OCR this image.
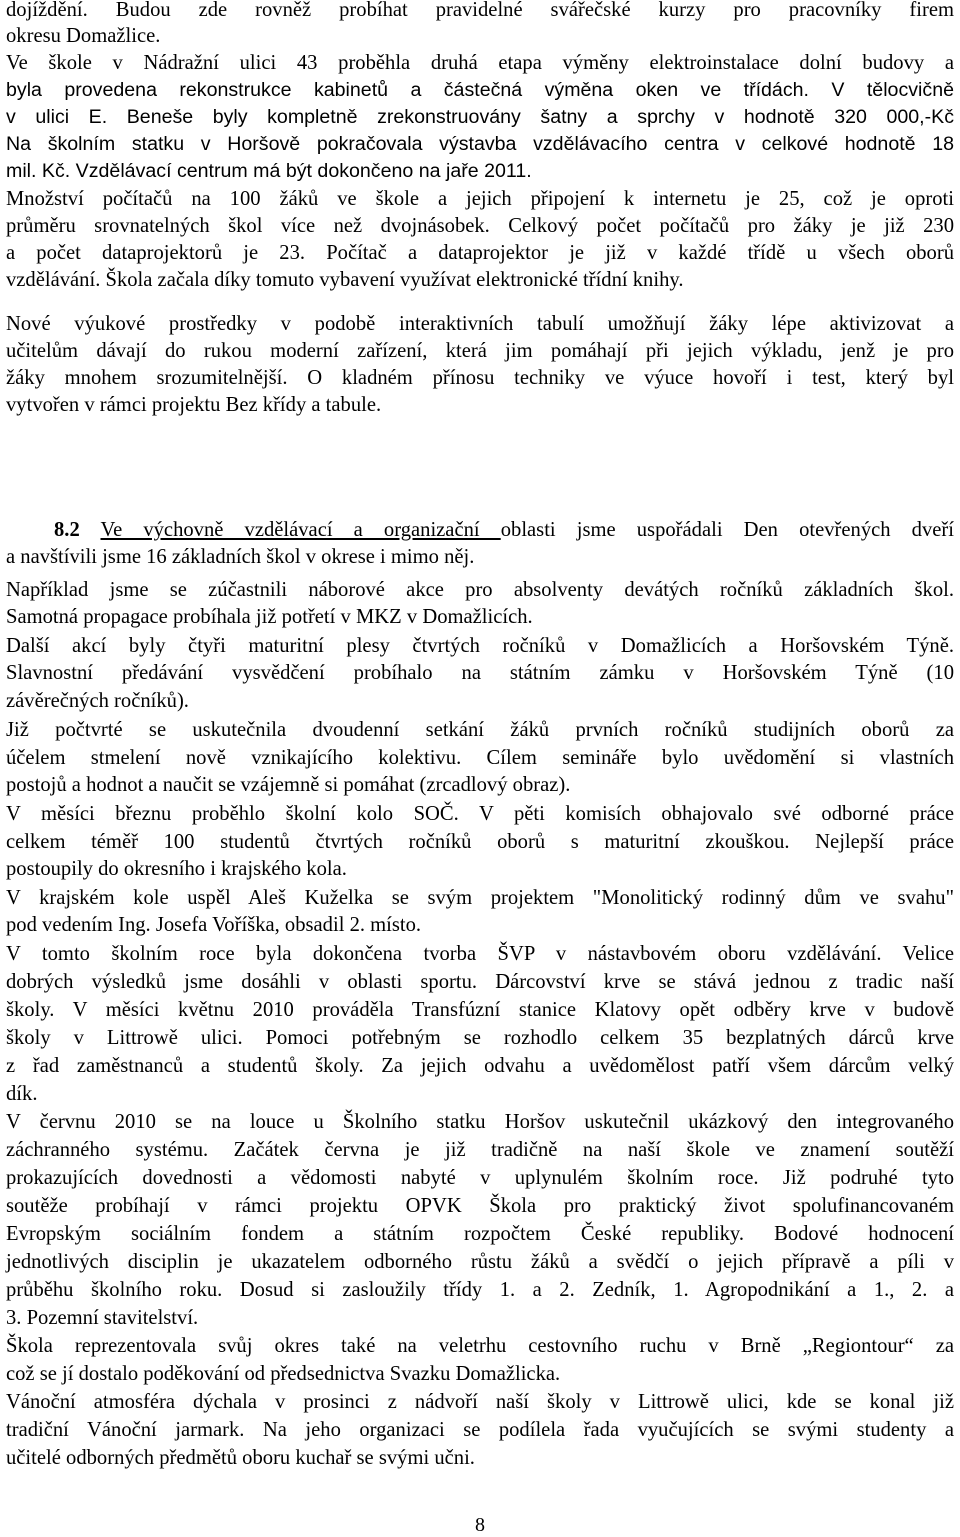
dojíždění. Budou zde rovněž probíhat pravidelné svářečské kurzy pro pracovníky firem
okresu Domažlice.
Ve škole v Nádražní ulici 43 proběhla druhá etapa výměny elektroinstalace dolní budovy a
byla provedena rekonstrukce kabinetů a částečná výměna oken ve třídách. V tělocvičně
v ulici E. Beneše byly kompletně zrekonstruovány šatny a sprchy v hodnotě 320 000,-Kč
Na školním statku v Horšově pokračovala výstavba vzdělávacího centra v celkové hodnotě 18
mil. Kč. Vzdělávací centrum má být dokončeno na jaře 2011.
Množství počítačů na 100 žáků ve škole a jejich připojení k internetu je 25, což je oproti
průměru srovnatelných škol více než dvojnásobek. Celkový počet počítačů pro žáky je již 230
a počet dataprojektorů je 23. Počítač a dataprojektor je již v každé třídě u všech oborů
vzdělávání. Škola začala díky tomuto vybavení využívat elektronické třídní knihy.
Nové výukové prostředky v podobě interaktivních tabulí umožňují žáky lépe aktivizovat a
učitelům dávají do rukou moderní zařízení, která jim pomáhají při jejich výkladu, jenž je pro
žáky mnohem srozumitelnější. O kladném přínosu techniky ve výuce hovoří i test, který byl
vytvořen v rámci projektu Bez křídy a tabule.
8.2 Ve výchovně vzdělávací a organizační oblasti jsme uspořádali Den otevřených dveří
a navštívili jsme 16 základních škol v okrese i mimo něj.
Například jsme se zúčastnili náborové akce pro absolventy devátých ročníků základních škol.
Samotná propagace probíhala již potřetí v MKZ v Domažlicích.
Další akcí byly čtyři maturitní plesy čtvrtých ročníků v Domažlicích a Horšovském Týně.
Slavnostní předávání vysvědčení probíhalo na státním zámku v Horšovském Týně (10
závěrečných ročníků).
Již počtvrté se uskutečnila dvoudenní setkání žáků prvních ročníků studijních oborů za
účelem stmelení nově vznikajícího kolektivu. Cílem semináře bylo uvědomění si vlastních
postojů a hodnot a naučit se vzájemně si pomáhat (zrcadlový obraz).
V měsíci březnu proběhlo školní kolo SOČ. V pěti komisích obhajovalo své odborné práce
celkem téměř 100 studentů čtvrtých ročníků oborů s maturitní zkouškou. Nejlepší práce
postoupily do okresního i krajského kola.
V krajském kole uspěl Aleš Kuželka se svým projektem "Monolitický rodinný dům ve svahu"
pod vedením Ing. Josefa Voříška, obsadil 2. místo.
V tomto školním roce byla dokončena tvorba ŠVP v nástavbovém oboru vzdělávání. Velice
dobrých výsledků jsme dosáhli v oblasti sportu. Dárcovství krve se stává jednou z tradic naší
školy. V měsíci květnu 2010 prováděla Transfúzní stanice Klatovy opět odběry krve v budově
školy v Littrowě ulici. Pomoci potřebným se rozhodlo celkem 35 bezplatných dárců krve
z řad zaměstnanců a studentů školy. Za jejich odvahu a uvědomělost patří všem dárcům velký
dík.
V červnu 2010 se na louce u Školního statku Horšov uskutečnil ukázkový den integrovaného
záchranného systému. Začátek června je již tradičně na naší škole ve znamení soutěží
prokazujících dovednosti a vědomosti nabyté v uplynulém školním roce. Již podruhé tyto
soutěže probíhají v rámci projektu OPVK Škola pro praktický život spolufinancovaném
Evropským sociálním fondem a státním rozpočtem České republiky. Bodové hodnocení
jednotlivých disciplin je ukazatelem odborného růstu žáků a svědčí o jejich přípravě a píli v
průběhu školního roku. Dosud si zasloužily třídy 1. a 2. Zedník, 1. Agropodnikání a 1., 2. a
3. Pozemní stavitelství.
Škola reprezentovala svůj okres také na veletrhu cestovního ruchu v Brně „Regiontour“ za
což se jí dostalo poděkování od předsednictva Svazku Domažlicka.
Vánoční atmosféra dýchala v prosinci z nádvoří naší školy v Littrowě ulici, kde se konal již
tradiční Vánoční jarmark. Na jeho organizaci se podílela řada vyučujících se svými studenty a
učitelé odborných předmětů oboru kuchař se svými učni.
8
